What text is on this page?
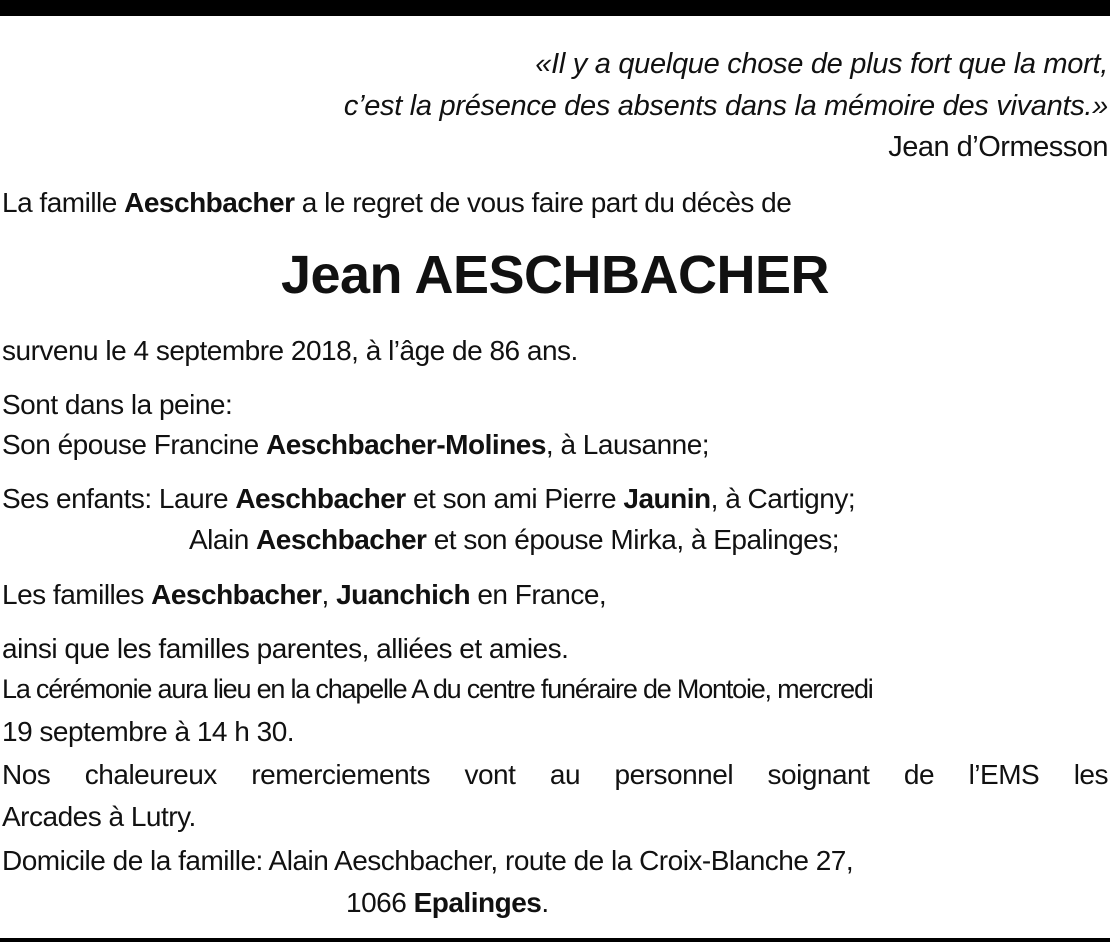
«Il y a quelque chose de plus fort que la mort,
c’est la présence des absents dans la mémoire des vivants.»
Jean d’Ormesson
La famille Aeschbacher a le regret de vous faire part du décès de
Jean AESCHBACHER
survenu le 4 septembre 2018, à l’âge de 86 ans.
Sont dans la peine:
Son épouse Francine Aeschbacher-Molines, à Lausanne;
Ses enfants: Laure Aeschbacher et son ami Pierre Jaunin, à Cartigny;
Alain Aeschbacher et son épouse Mirka, à Epalinges;
Les familles Aeschbacher, Juanchich en France,
ainsi que les familles parentes, alliées et amies.
La cérémonie aura lieu en la chapelle A du centre funéraire de Montoie, mercredi
19 septembre à 14 h 30.
Nos chaleureux remerciements vont au personnel soignant de l’EMS les
Arcades à Lutry.
Domicile de la famille: Alain Aeschbacher, route de la Croix-Blanche 27,
1066 Epalinges.
